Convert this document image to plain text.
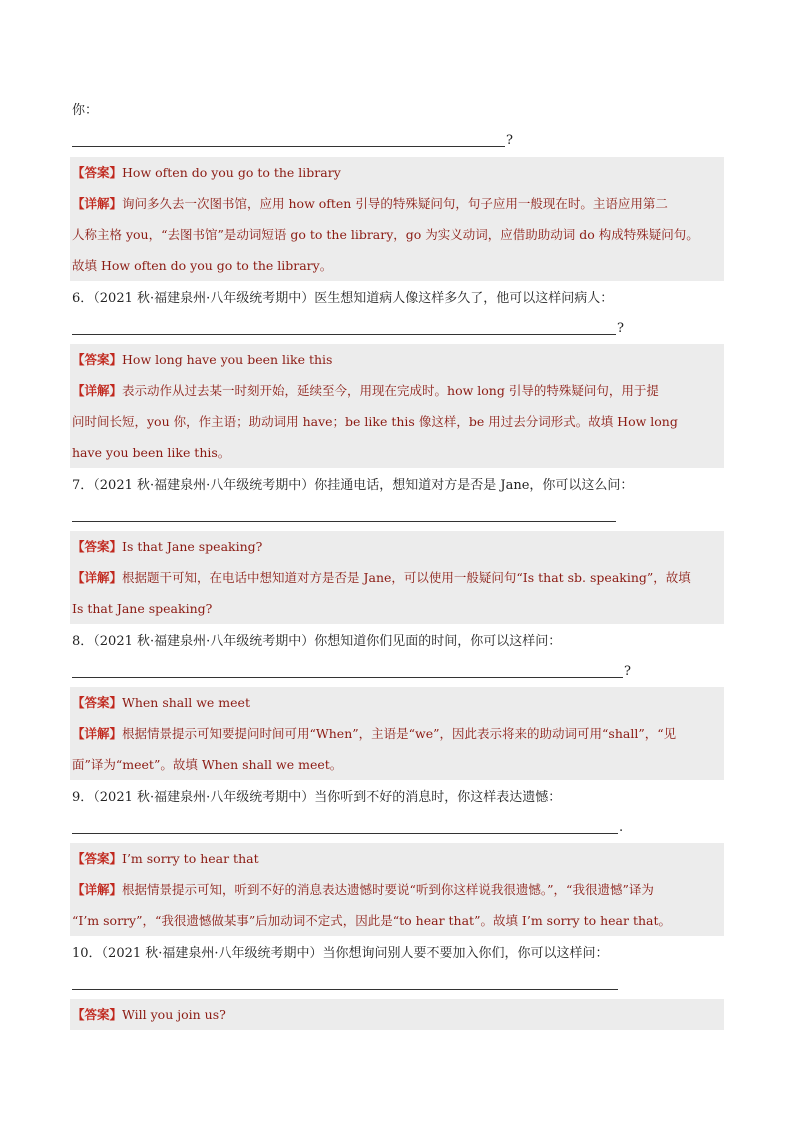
你：
?
【答案】How often do you go to the library
【详解】询问多久去一次图书馆，应用 how often 引导的特殊疑问句，句子应用一般现在时。主语应用第二
人称主格 you，“去图书馆”是动词短语 go to the library，go 为实义动词，应借助助动词 do 构成特殊疑问句。
故填 How often do you go to the library。
6．（2021 秋·福建泉州·八年级统考期中）医生想知道病人像这样多久了，他可以这样问病人：
?
【答案】How long have you been like this
【详解】表示动作从过去某一时刻开始，延续至今，用现在完成时。how long 引导的特殊疑问句，用于提
问时间长短，you 你，作主语；助动词用 have；be like this 像这样，be 用过去分词形式。故填 How long
have you been like this。
7．（2021 秋·福建泉州·八年级统考期中）你挂通电话，想知道对方是否是 Jane，你可以这么问：
【答案】Is that Jane speaking?
【详解】根据题干可知，在电话中想知道对方是否是 Jane，可以使用一般疑问句“Is that sb. speaking”，故填
Is that Jane speaking?
8．（2021 秋·福建泉州·八年级统考期中）你想知道你们见面的时间，你可以这样问：
?
【答案】When shall we meet
【详解】根据情景提示可知要提问时间可用“When”，主语是“we”，因此表示将来的助动词可用“shall”，“见
面”译为“meet”。故填 When shall we meet。
9．（2021 秋·福建泉州·八年级统考期中）当你听到不好的消息时，你这样表达遗憾：
.
【答案】I’m sorry to hear that
【详解】根据情景提示可知，听到不好的消息表达遗憾时要说“听到你这样说我很遗憾。”，“我很遗憾”译为
“I’m sorry”，“我很遗憾做某事”后加动词不定式，因此是“to hear that”。故填 I’m sorry to hear that。
10．（2021 秋·福建泉州·八年级统考期中）当你想询问别人要不要加入你们，你可以这样问：
【答案】Will you join us?
